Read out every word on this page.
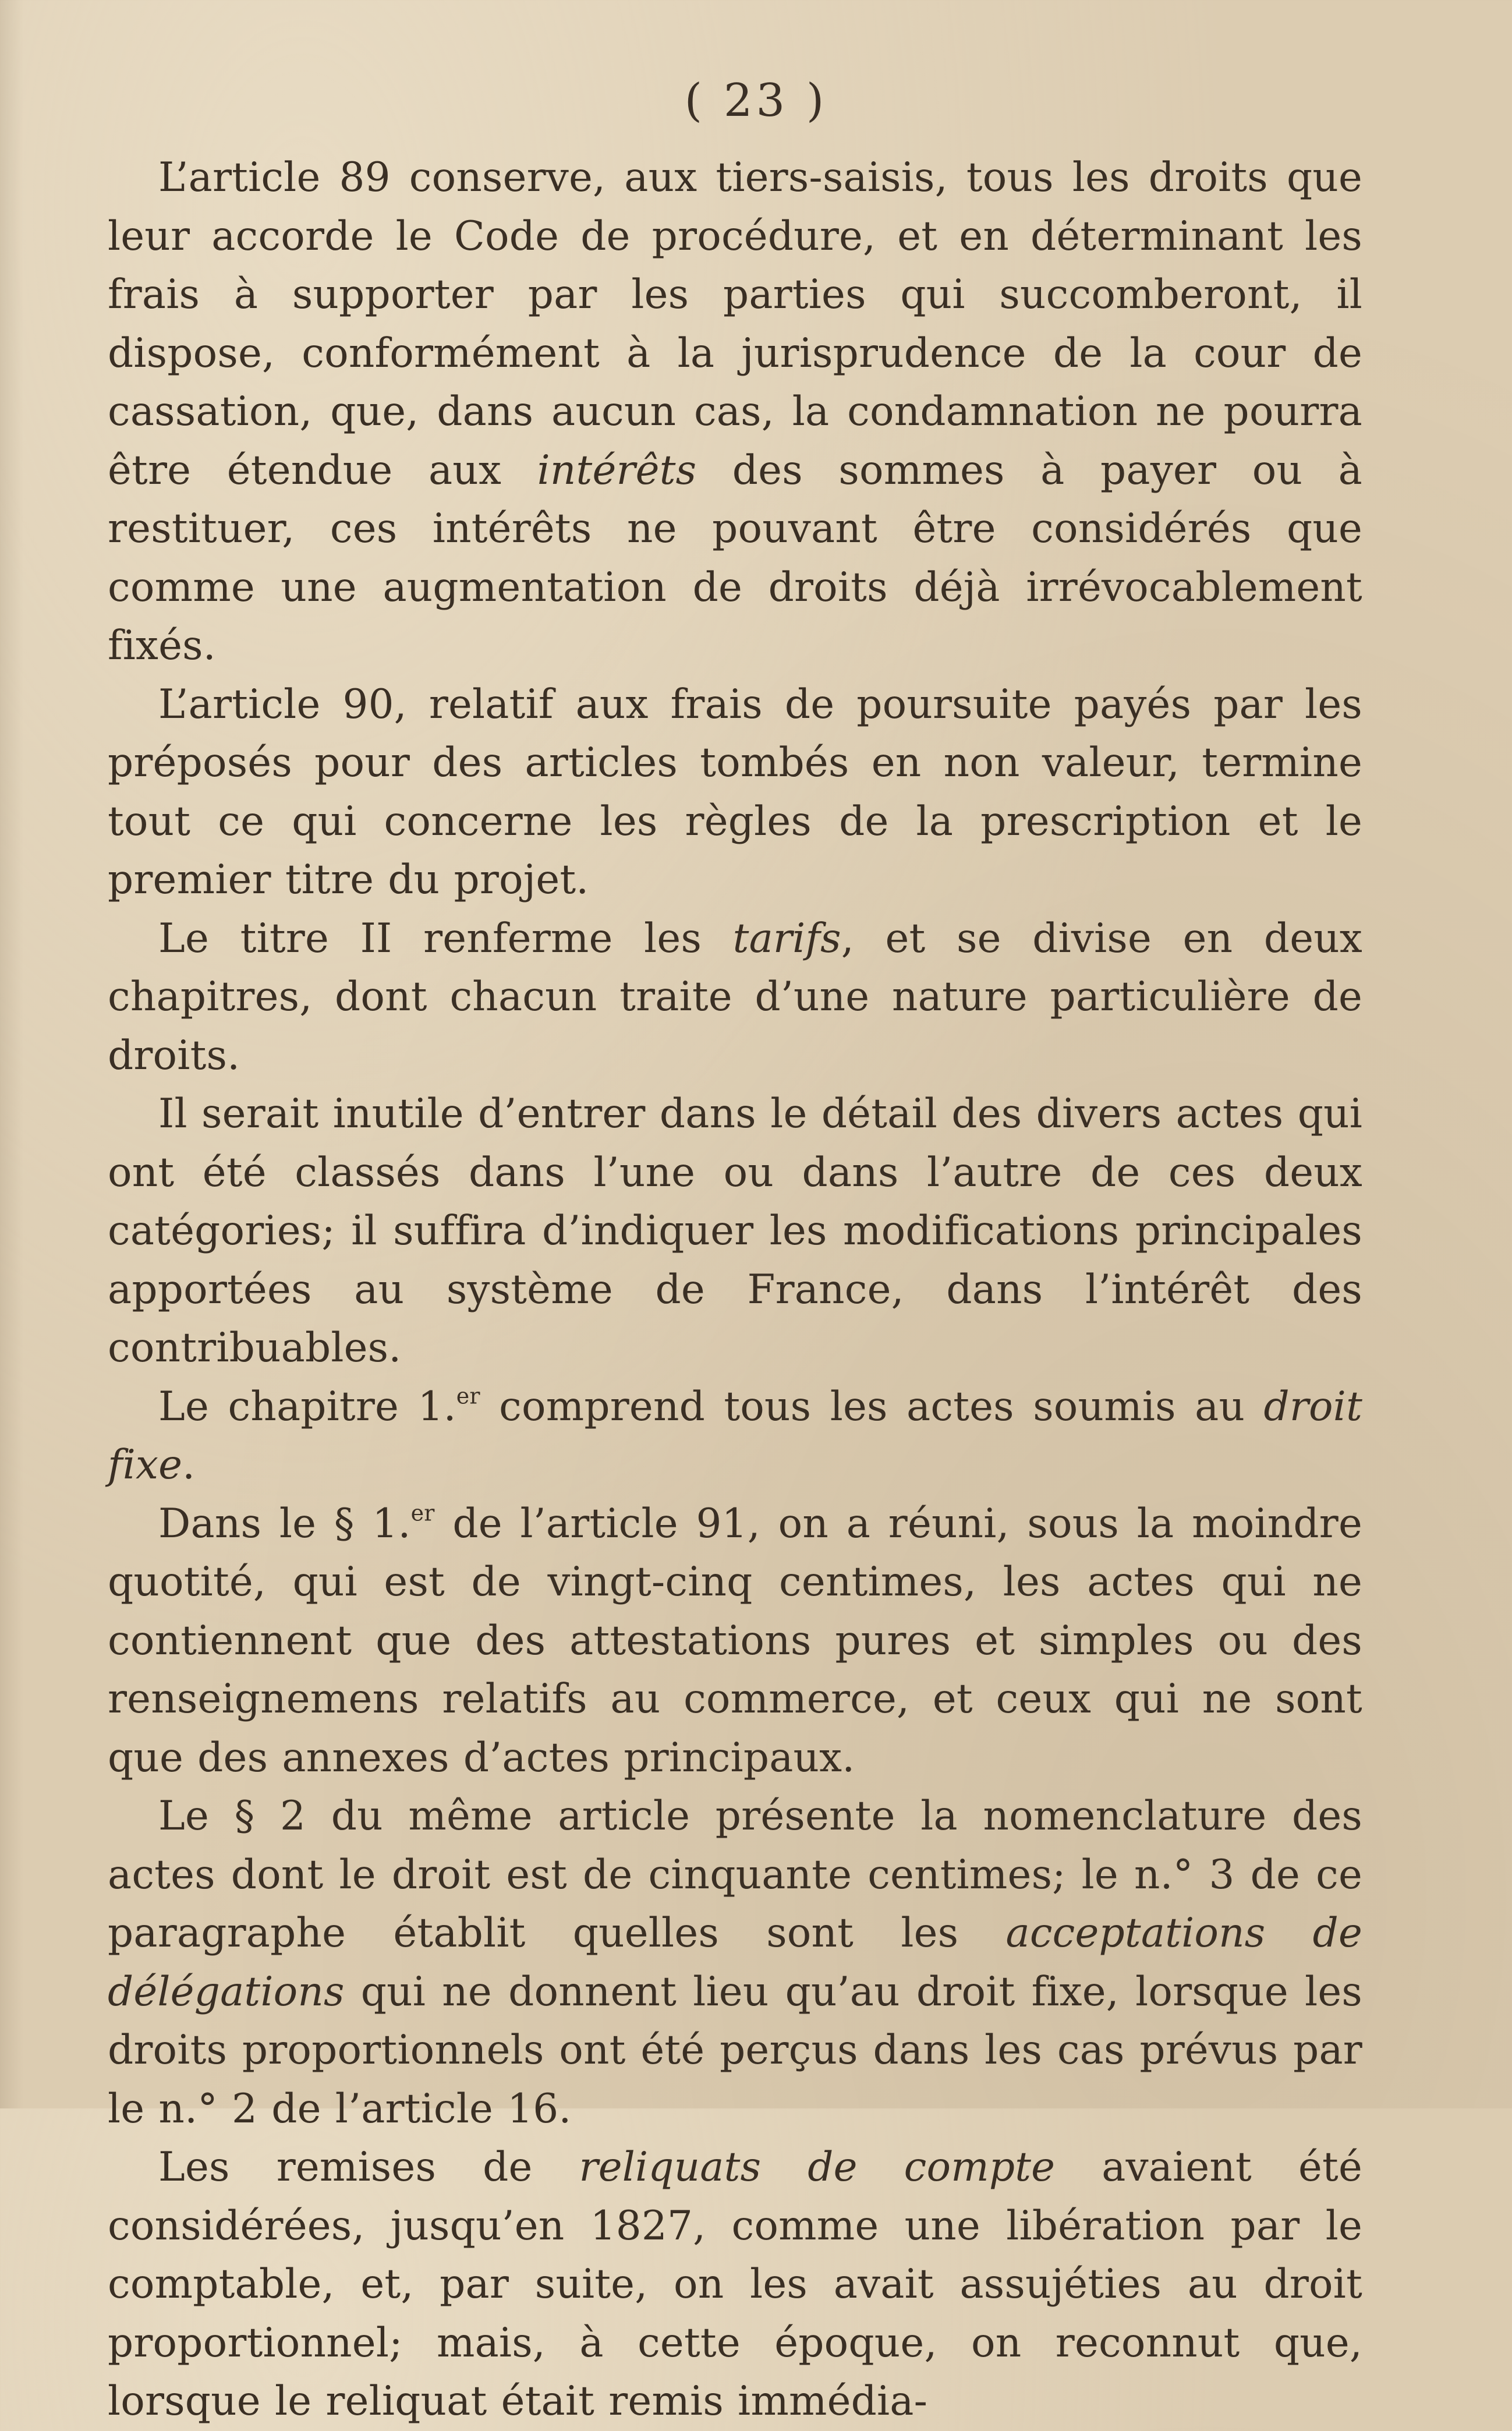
( 23 )

L’article 89 conserve, aux tiers-saisis, tous les droits que leur accorde le Code de procédure, et en déterminant les frais à supporter par les parties qui succomberont, il dispose, conformément à la jurisprudence de la cour de cassation, que, dans aucun cas, la condamnation ne pourra être étendue aux intérêts des sommes à payer ou à restituer, ces intérêts ne pouvant être considérés que comme une augmentation de droits déjà irrévocablement fixés.

L’article 90, relatif aux frais de poursuite payés par les préposés pour des articles tombés en non valeur, termine tout ce qui concerne les règles de la prescription et le premier titre du projet.

Le titre II renferme les tarifs, et se divise en deux chapitres, dont chacun traite d’une nature particulière de droits.

Il serait inutile d’entrer dans le détail des divers actes qui ont été classés dans l’une ou dans l’autre de ces deux catégories; il suffira d’indiquer les modifications principales apportées au système de France, dans l’intérêt des contribuables.

Le chapitre 1.$^{er}$ comprend tous les actes soumis au droit fixe.

Dans le § 1.$^{er}$ de l’article 91, on a réuni, sous la moindre quotité, qui est de vingt-cinq centimes, les actes qui ne contiennent que des attestations pures et simples ou des renseignemens relatifs au commerce, et ceux qui ne sont que des annexes d’actes principaux.

Le § 2 du même article présente la nomenclature des actes dont le droit est de cinquante centimes; le n.° 3 de ce paragraphe établit quelles sont les acceptations de délégations qui ne donnent lieu qu’au droit fixe, lorsque les droits proportionnels ont été perçus dans les cas prévus par le n.° 2 de l’article 16.

Les remises de reliquats de compte avaient été considérées, jusqu’en 1827, comme une libération par le comptable, et, par suite, on les avait assujéties au droit proportionnel; mais, à cette époque, on reconnut que, lorsque le reliquat était remis immédia-
